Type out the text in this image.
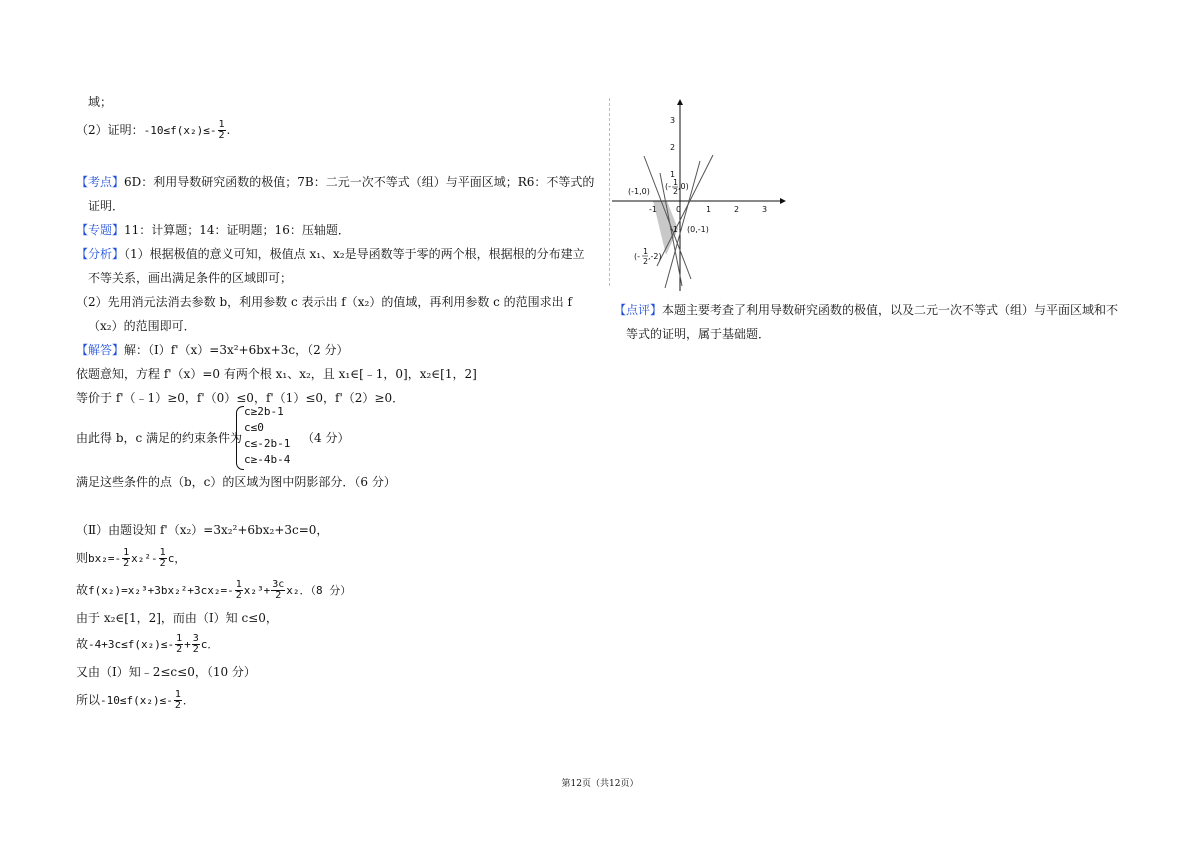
域；
（2）证明：$-10\le f(x_2)\le- \frac{1}{2}$ .
【考点】6D：利用导数研究函数的极值；7B：二元一次不等式（组）与平面区域；R6：不等式的
证明．
【专题】11：计算题；14：证明题；16：压轴题．
【分析】（1）根据极值的意义可知，极值点 x₁、x₂是导函数等于零的两个根，根据根的分布建立
不等关系，画出满足条件的区域即可；
（2）先用消元法消去参数 b，利用参数 c 表示出 f（x₂）的值域，再利用参数 c 的范围求出 f
（x₂）的范围即可．
【解答】解：（Ⅰ）f'（x）=3x²+6bx+3c，（2 分）
依题意知，方程 f'（x）=0 有两个根 x₁、x₂，且 x₁∈[﹣1，0]，x₂∈[1，2]
等价于 f'（﹣1）≥0，f'（0）≤0，f'（1）≤0，f'（2）≥0．
由此得 b，c 满足的约束条件为
c≥2b-1
c≤0
c≤-2b-1
c≥-4b-4
（4 分）
满足这些条件的点（b，c）的区域为图中阴影部分．（6 分）
（Ⅱ）由题设知 f'（x₂）=3x₂²+6bx₂+3c=0，
则$bx_2=- \frac{1}{2} x_2^2- \frac{1}{2}$ c，
故$f(x_2)=x_2^3+3bx_2^2+3cx_2=- \frac{1}{2} x_2^3+ \frac{3c}{2} x_2$．（8 分）
由于 x₂∈[1，2]，而由（Ⅰ）知 c≤0，
故$-4+3c\le f(x_2)\le- \frac{1}{2} + \frac{3}{2}$ c．
又由（Ⅰ）知﹣2≤c≤0，（10 分）
所以$-10\le f(x_2)\le- \frac{1}{2}$ ．
3
2
1
-1
-1 0	1	2	3
(-1,0)
(0,-1)
(- 1
2
,0)
(-
1
2
,-2)
【点评】本题主要考查了利用导数研究函数的极值，以及二元一次不等式（组）与平面区域和不
等式的证明，属于基础题．
第12页（共12页）
